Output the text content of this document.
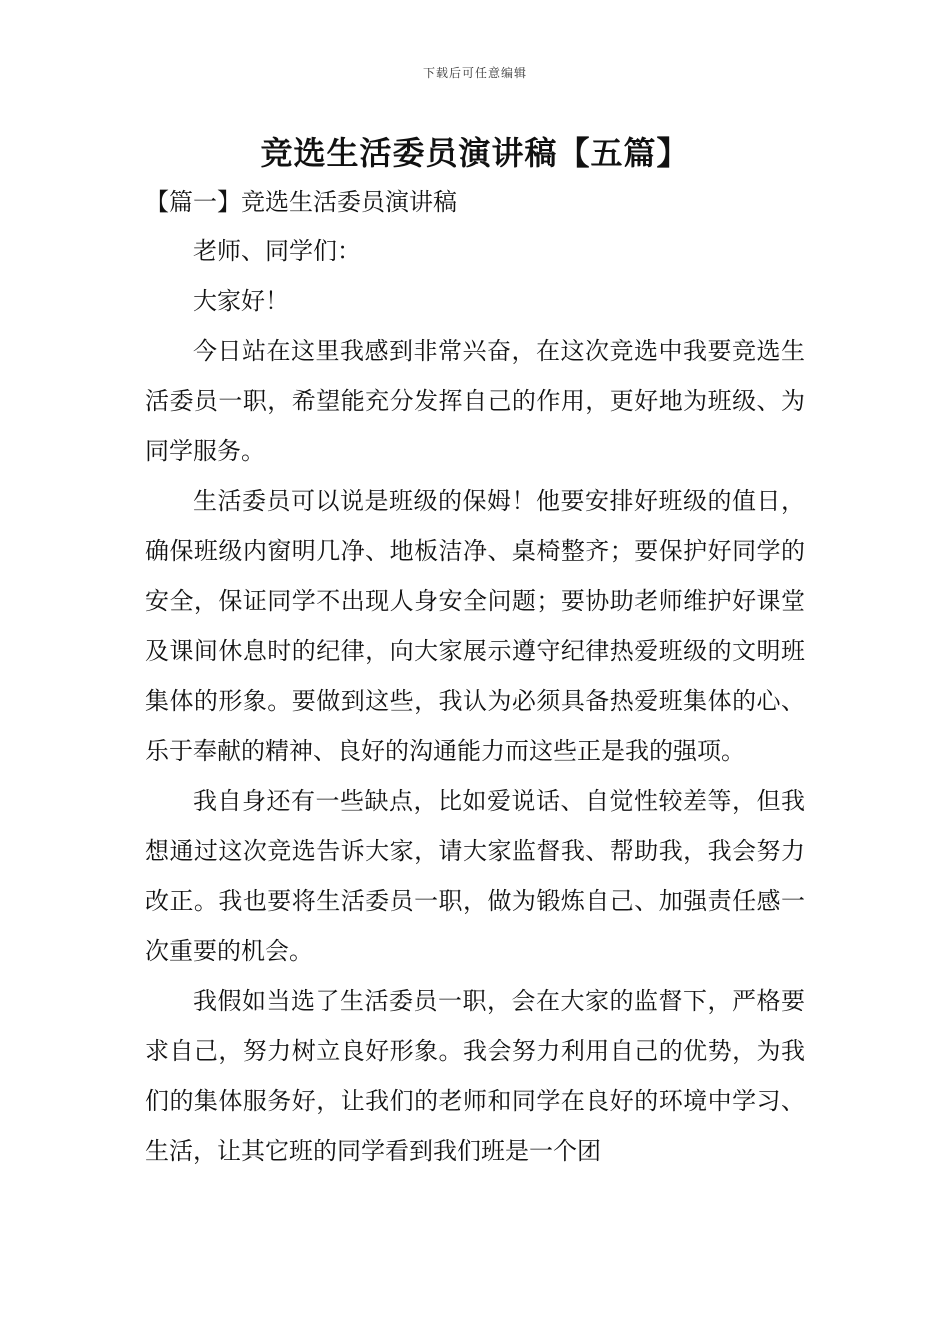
下载后可任意编辑
竞选生活委员演讲稿【五篇】
【篇一】竞选生活委员演讲稿

老师、同学们：

大家好！

今日站在这里我感到非常兴奋，在这次竞选中我要竞选生活委员一职，希望能充分发挥自己的作用，更好地为班级、为同学服务。

生活委员可以说是班级的保姆！他要安排好班级的值日，确保班级内窗明几净、地板洁净、桌椅整齐；要保护好同学的安全，保证同学不出现人身安全问题；要协助老师维护好课堂及课间休息时的纪律，向大家展示遵守纪律热爱班级的文明班集体的形象。要做到这些，我认为必须具备热爱班集体的心、乐于奉献的精神、良好的沟通能力而这些正是我的强项。

我自身还有一些缺点，比如爱说话、自觉性较差等，但我想通过这次竞选告诉大家，请大家监督我、帮助我，我会努力改正。我也要将生活委员一职，做为锻炼自己、加强责任感一次重要的机会。

我假如当选了生活委员一职，会在大家的监督下，严格要求自己，努力树立良好形象。我会努力利用自己的优势，为我们的集体服务好，让我们的老师和同学在良好的环境中学习、生活，让其它班的同学看到我们班是一个团
